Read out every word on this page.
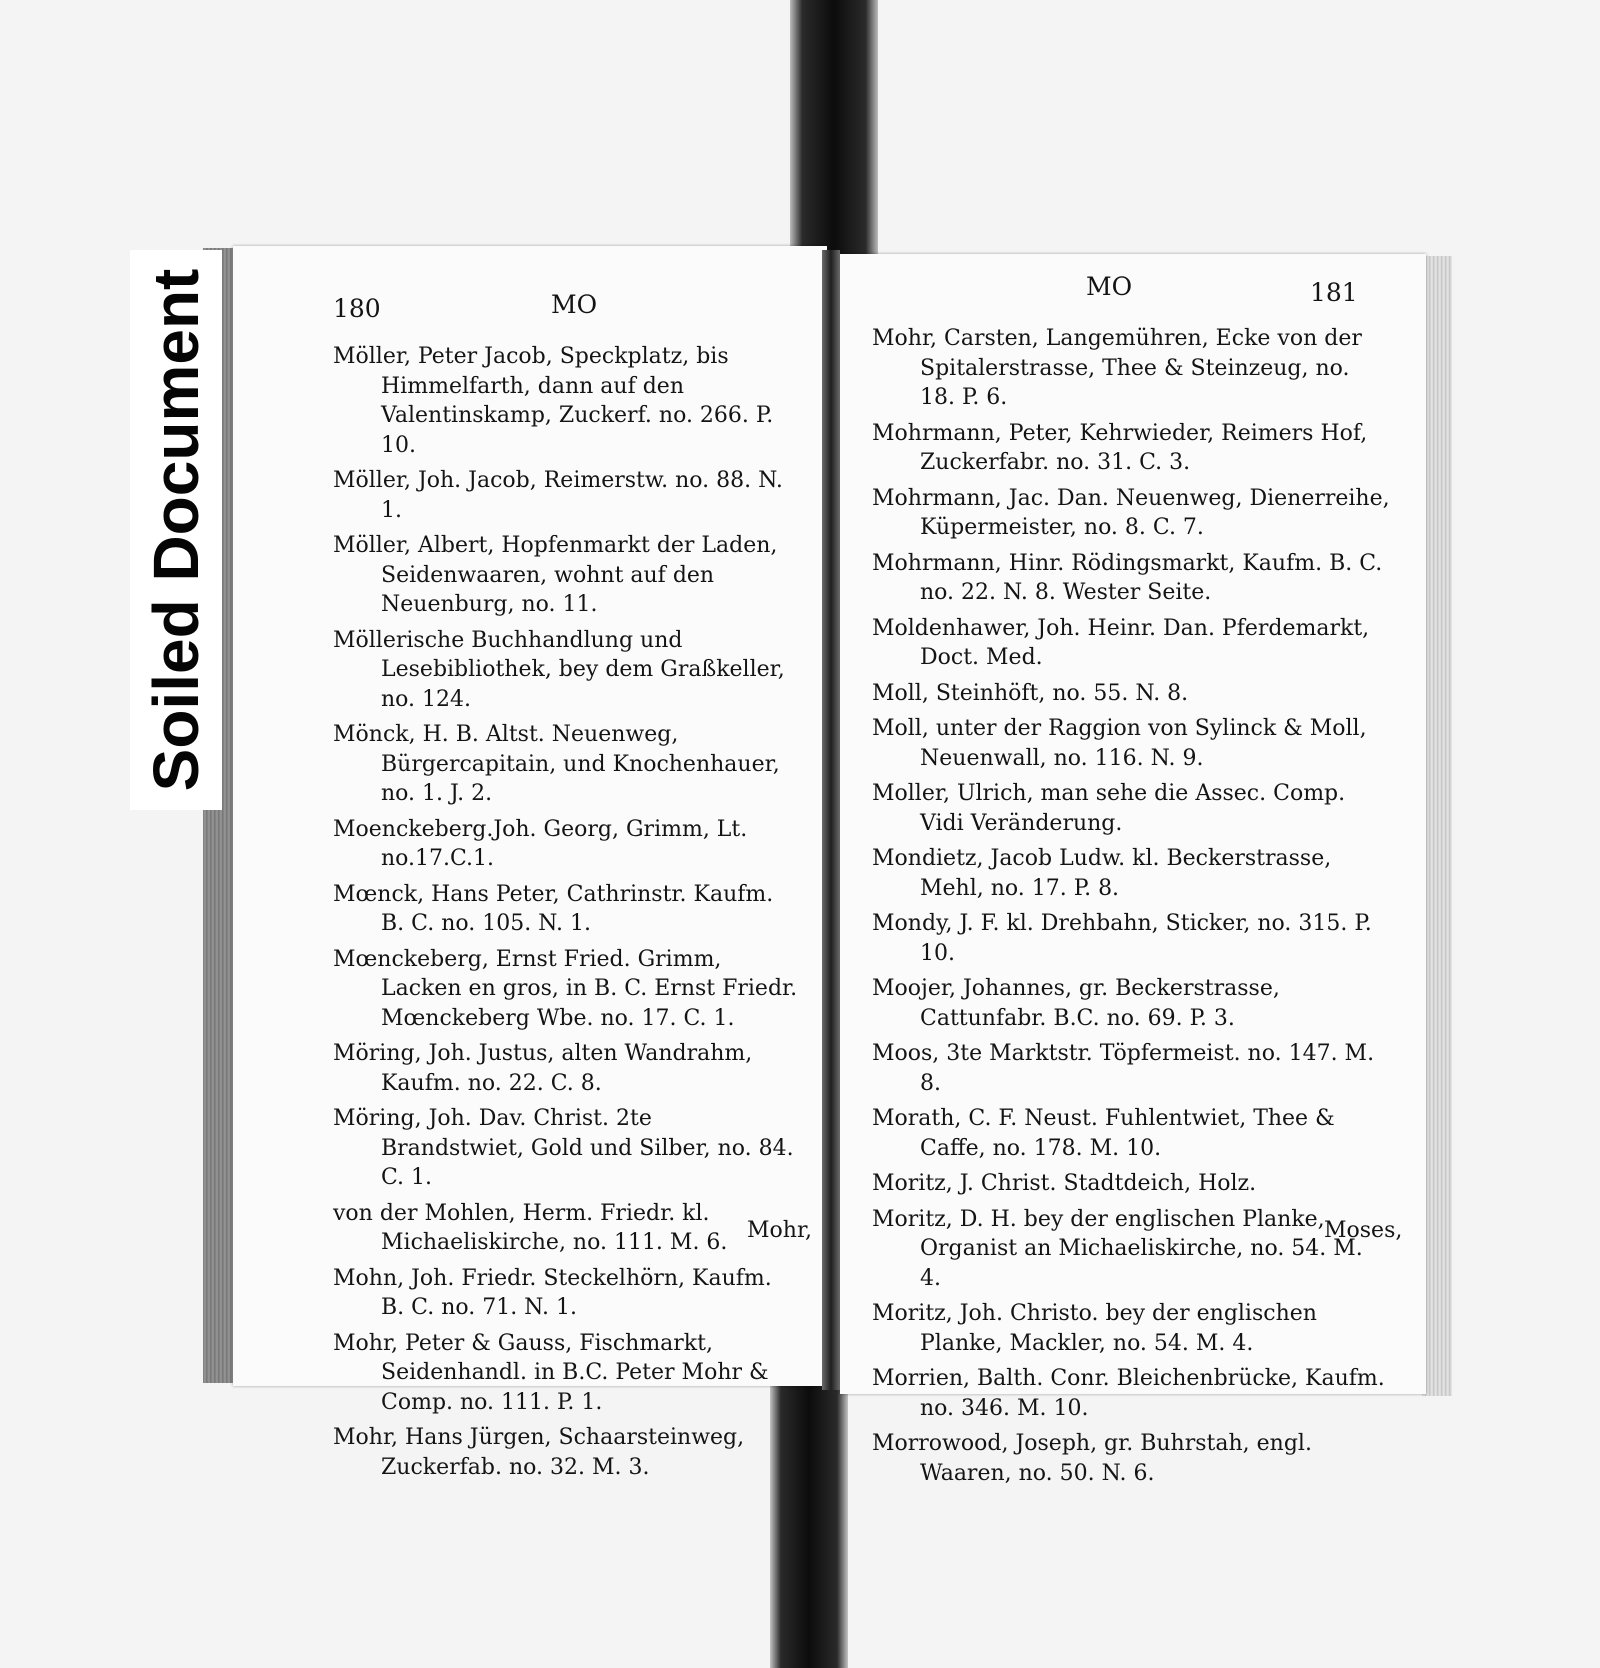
180	MO
Möller, Peter Jacob, Speckplatz, bis Himmelfarth, dann auf den Valentinskamp, Zuckerf. no. 266. P. 10.
Möller, Joh. Jacob, Reimerstw. no. 88. N. 1.
Möller, Albert, Hopfenmarkt der Laden, Seidenwaaren, wohnt auf den Neuenburg, no. 11.
Möllerische Buchhandlung und Lesebibliothek, bey dem Graßkeller, no. 124.
Mönck, H. B. Altst. Neuenweg, Bürgercapitain, und Knochenhauer, no. 1. J. 2.
Moenckeberg.Joh. Georg, Grimm, Lt. no.17.C.1.
Mœnck, Hans Peter, Cathrinstr. Kaufm. B. C. no. 105. N. 1.
Mœnckeberg, Ernst Fried. Grimm, Lacken en gros, in B. C. Ernst Friedr. Mœnckeberg Wbe. no. 17. C. 1.
Möring, Joh. Justus, alten Wandrahm, Kaufm. no. 22. C. 8.
Möring, Joh. Dav. Christ. 2te Brandstwiet, Gold und Silber, no. 84. C. 1.
von der Mohlen, Herm. Friedr. kl. Michaeliskirche, no. 111. M. 6.
Mohn, Joh. Friedr. Steckelhörn, Kaufm. B. C. no. 71. N. 1.
Mohr, Peter & Gauss, Fischmarkt, Seidenhandl. in B.C. Peter Mohr & Comp. no. 111. P. 1.
Mohr, Hans Jürgen, Schaarsteinweg, Zuckerfab. no. 32. M. 3.
Mohr,
MO	181
Mohr, Carsten, Langemühren, Ecke von der Spitalerstrasse, Thee & Steinzeug, no. 18. P. 6.
Mohrmann, Peter, Kehrwieder, Reimers Hof, Zuckerfabr. no. 31. C. 3.
Mohrmann, Jac. Dan. Neuenweg, Dienerreihe, Küpermeister, no. 8. C. 7.
Mohrmann, Hinr. Rödingsmarkt, Kaufm. B. C. no. 22. N. 8. Wester Seite.
Moldenhawer, Joh. Heinr. Dan. Pferdemarkt, Doct. Med.
Moll, Steinhöft, no. 55. N. 8.
Moll, unter der Raggion von Sylinck & Moll, Neuenwall, no. 116. N. 9.
Moller, Ulrich, man sehe die Assec. Comp. Vidi Veränderung.
Mondietz, Jacob Ludw. kl. Beckerstrasse, Mehl, no. 17. P. 8.
Mondy, J. F. kl. Drehbahn, Sticker, no. 315. P. 10.
Moojer, Johannes, gr. Beckerstrasse, Cattunfabr. B.C. no. 69. P. 3.
Moos, 3te Marktstr. Töpfermeist. no. 147. M. 8.
Morath, C. F. Neust. Fuhlentwiet, Thee & Caffe, no. 178. M. 10.
Moritz, J. Christ. Stadtdeich, Holz.
Moritz, D. H. bey der englischen Planke, Organist an Michaeliskirche, no. 54. M. 4.
Moritz, Joh. Christo. bey der englischen Planke, Mackler, no. 54. M. 4.
Morrien, Balth. Conr. Bleichenbrücke, Kaufm. no. 346. M. 10.
Morrowood, Joseph, gr. Buhrstah, engl. Waaren, no. 50. N. 6.
Moses,
Soiled Document
